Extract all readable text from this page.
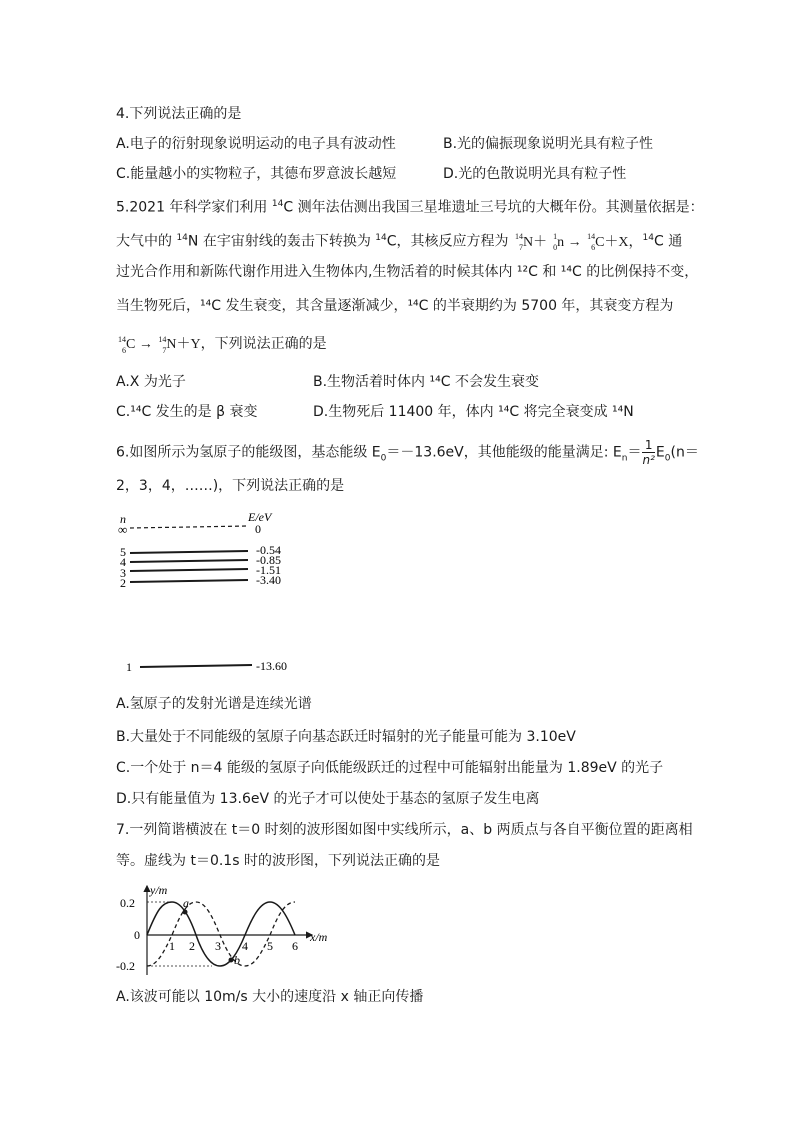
4.下列说法正确的是
A.电子的衍射现象说明运动的电子具有波动性	B.光的偏振现象说明光具有粒子性
C.能量越小的实物粒子，其德布罗意波长越短	D.光的色散说明光具有粒子性
5.2021 年科学家们利用 $^{14}$C 测年法估测出我国三星堆遗址三号坑的大概年份。其测量依据是：
大气中的 $^{14}$N 在宇宙射线的轰击下转换为 $^{14}$C，其核反应方程为 14
7 N＋ 1
0 n → 14
6 C＋X，$^{14}$C 通
过光合作用和新陈代谢作用进入生物体内,生物活着的时候其体内 ¹²C 和 ¹⁴C 的比例保持不变，
当生物死后，¹⁴C 发生衰变，其含量逐渐减少，¹⁴C 的半衰期约为 5700 年，其衰变方程为
14
6 C → 14
7 N＋Y，下列说法正确的是
A.X 为光子	B.生物活着时体内 ¹⁴C 不会发生衰变
C.¹⁴C 发生的是 β 衰变	D.生物死后 11400 年，体内 ¹⁴C 将完全衰变成 ¹⁴N
6.如图所示为氢原子的能级图，基态能级 $E_0=-13.6eV$，其他能级的能量满足: $E_n= \frac{1}{\text{n²}} E_0(n=$
2，3，4，……)，下列说法正确的是
n	E/eV
∞	0
5	-0.54
4	-0.85
3	-1.51
2	-3.40
1	-13.60
A.氢原子的发射光谱是连续光谱
B.大量处于不同能级的氢原子向基态跃迁时辐射的光子能量可能为 3.10eV
C.一个处于 n＝4 能级的氢原子向低能级跃迁的过程中可能辐射出能量为 1.89eV 的光子
D.只有能量值为 13.6eV 的光子才可以使处于基态的氢原子发生电离
7.一列简谐横波在 t＝0 时刻的波形图如图中实线所示，a、b 两质点与各自平衡位置的距离相
等。虚线为 t＝0.1s 时的波形图，下列说法正确的是
y/m
x/m
0.2
0
-0.2
1 2 3 4 5 6
a
b
A.该波可能以 10m/s 大小的速度沿 x 轴正向传播
